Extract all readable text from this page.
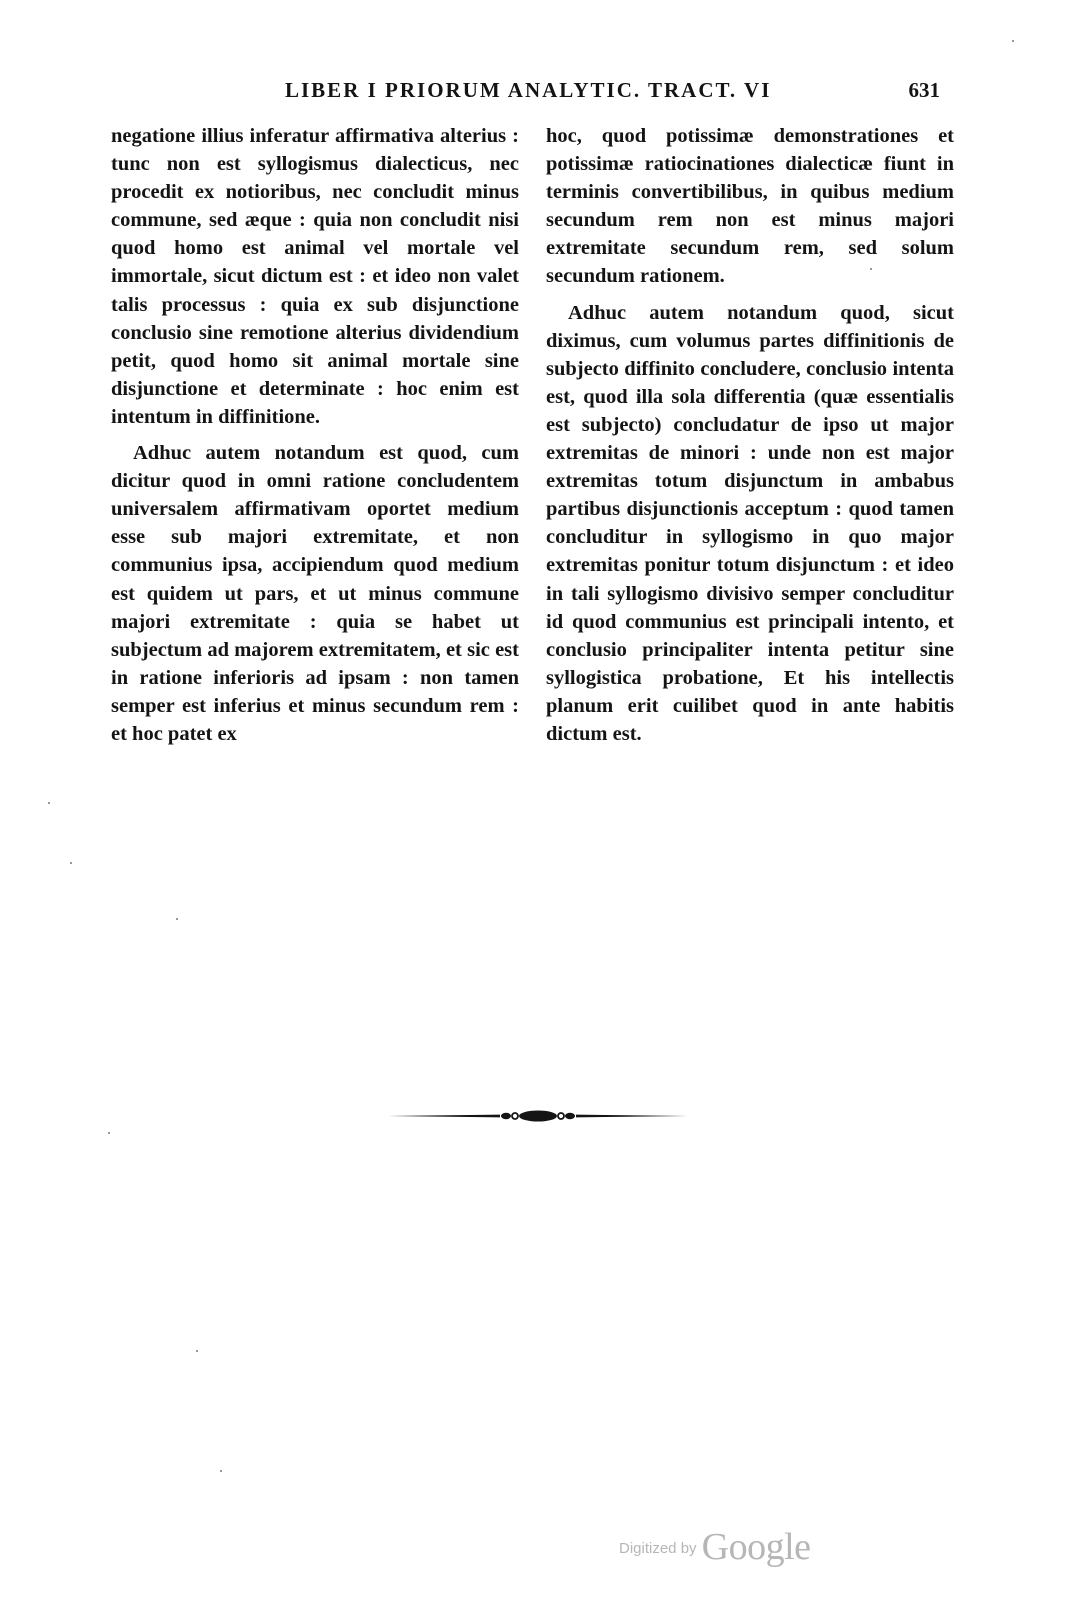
LIBER I PRIORUM ANALYTIC. TRACT. VI	631

negatione illius inferatur affirmativa alterius : tunc non est syllogismus dialecticus, nec procedit ex notioribus, nec concludit minus commune, sed æque : quia non concludit nisi quod homo est animal vel mortale vel immortale, sicut dictum est : et ideo non valet talis processus : quia ex sub disjunctione conclusio sine remotione alterius dividendium petit, quod homo sit animal mortale sine disjunctione et determinate : hoc enim est intentum in diffinitione.

Adhuc autem notandum est quod, cum dicitur quod in omni ratione concludentem universalem affirmativam oportet medium esse sub majori extremitate, et non communius ipsa, accipiendum quod medium est quidem ut pars, et ut minus commune majori extremitate : quia se habet ut subjectum ad majorem extremitatem, et sic est in ratione inferioris ad ipsam : non tamen semper est inferius et minus secundum rem : et hoc patet ex

hoc, quod potissimæ demonstrationes et potissimæ ratiocinationes dialecticæ fiunt in terminis convertibilibus, in quibus medium secundum rem non est minus majori extremitate secundum rem, sed solum secundum rationem.

Adhuc autem notandum quod, sicut diximus, cum volumus partes diffinitionis de subjecto diffinito concludere, conclusio intenta est, quod illa sola differentia (quæ essentialis est subjecto) concludatur de ipso ut major extremitas de minori : unde non est major extremitas totum disjunctum in ambabus partibus disjunctionis acceptum : quod tamen concluditur in syllogismo in quo major extremitas ponitur totum disjunctum : et ideo in tali syllogismo divisivo semper concluditur id quod communius est principali intento, et conclusio principaliter intenta petitur sine syllogistica probatione, Et his intellectis planum erit cuilibet quod in ante habitis dictum est.

Digitized by Google
